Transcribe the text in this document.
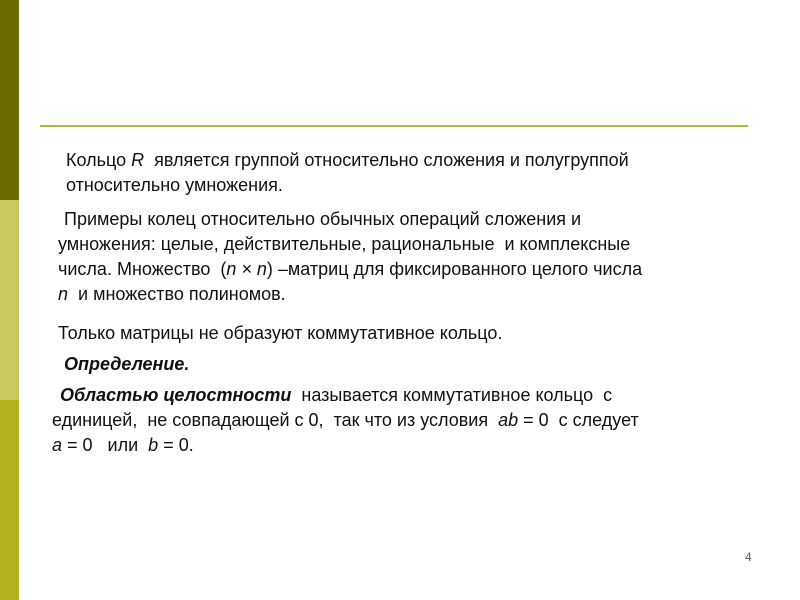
Кольцо R  является группой относительно сложения и полугруппой
относительно умножения.
Примеры колец относительно обычных операций сложения и
умножения: целые, действительные, рациональные  и комплексные
числа. Множество  (n × n) –матриц для фиксированного целого числа
n  и множество полиномов.
Только матрицы не образуют коммутативное кольцо.
Определение.
Областью целостности  называется коммутативное кольцо  с
единицей,  не совпадающей с 0,  так что из условия  ab = 0  с следует
a = 0   или  b = 0.
4
